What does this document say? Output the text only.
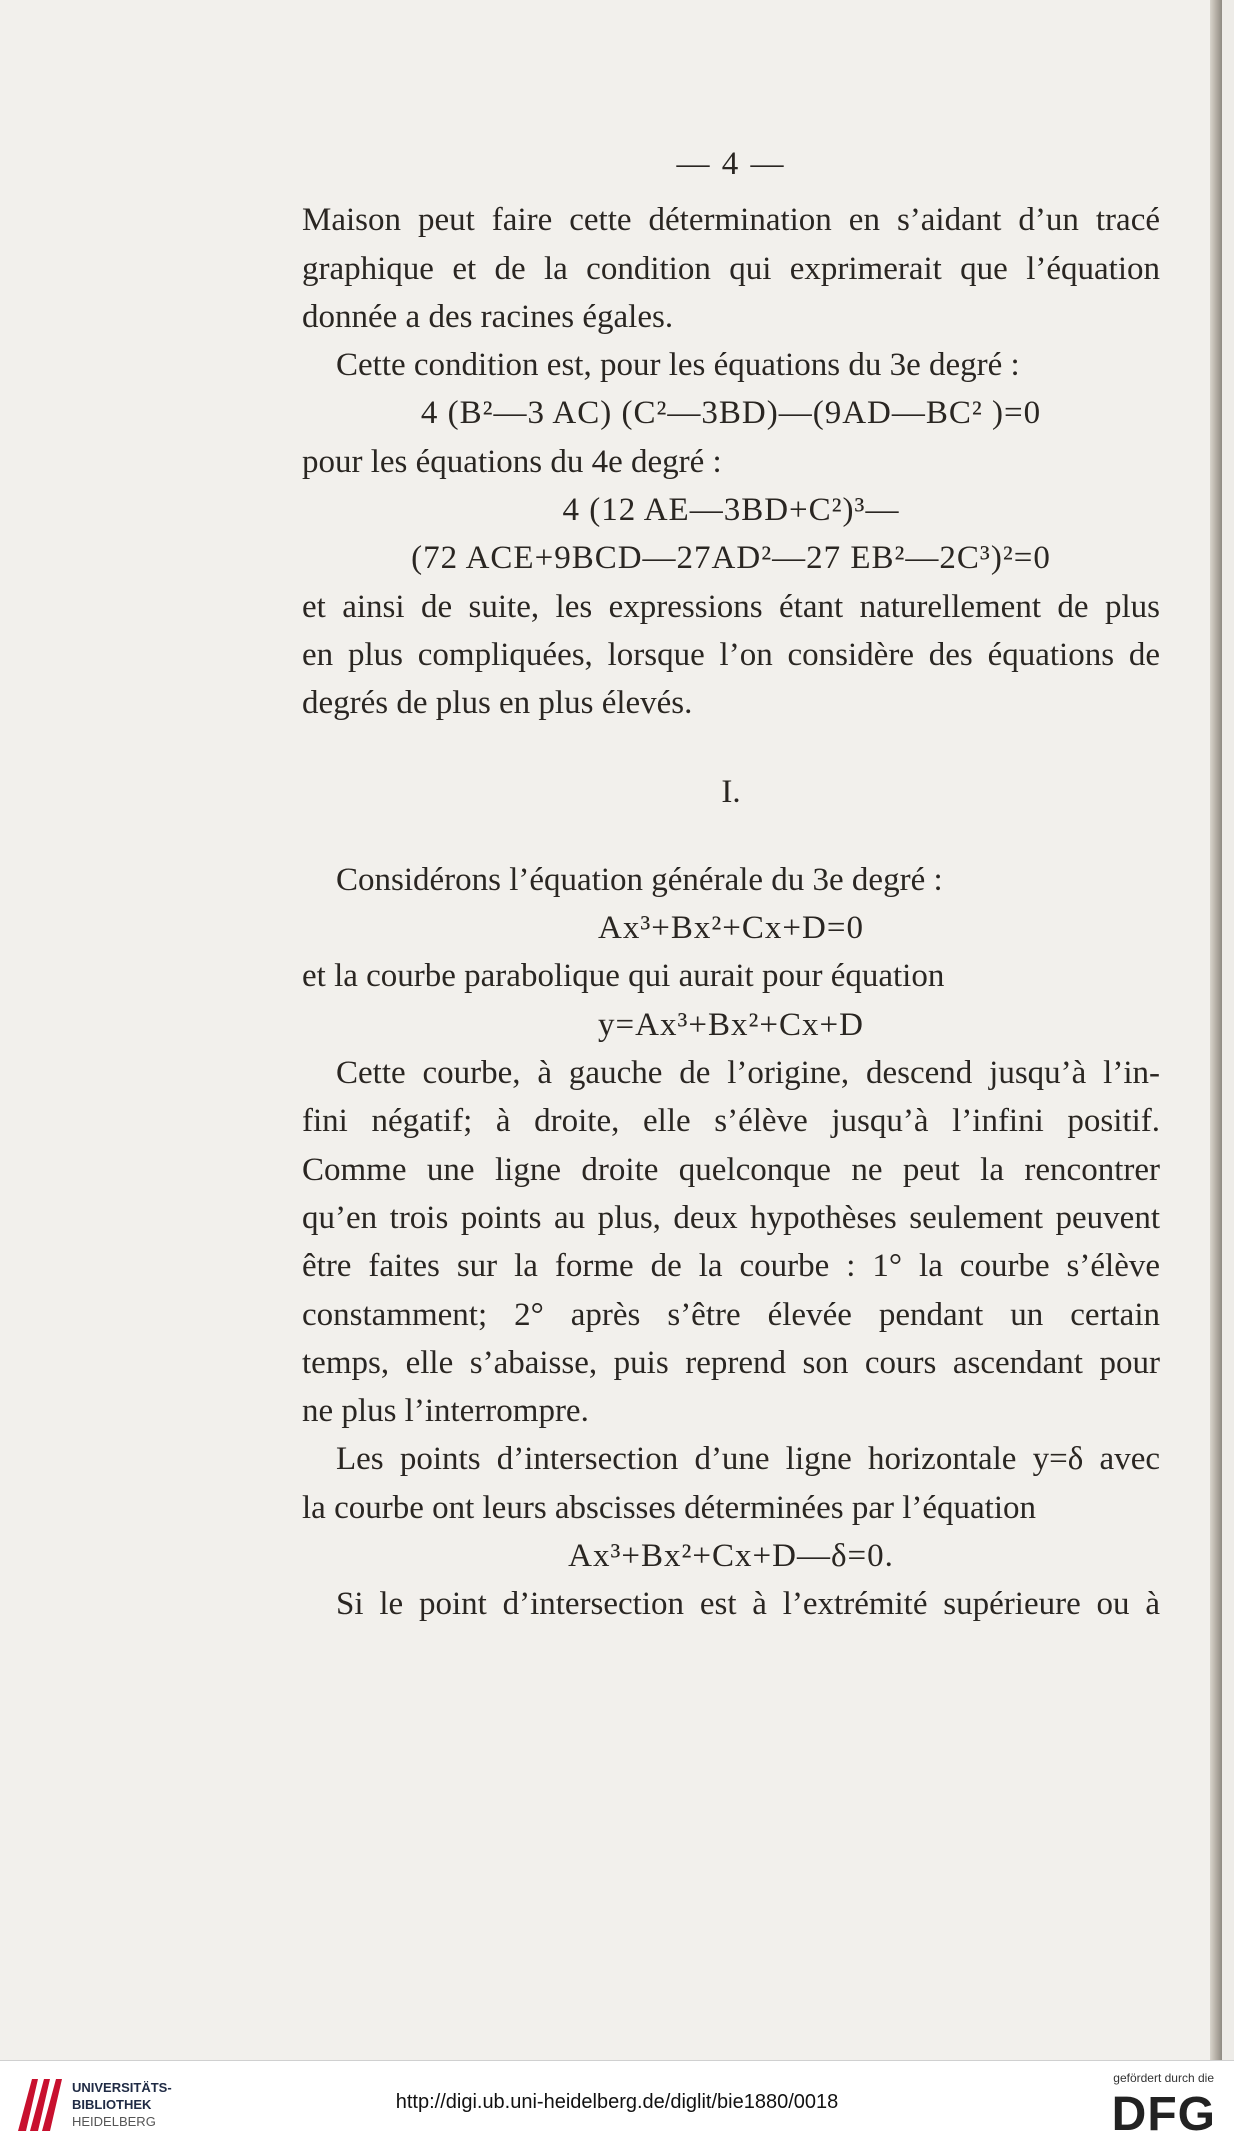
— 4 —
Maison peut faire cette détermination en s’aidant d’un tracé
graphique et de la condition qui exprimerait que l’équation
donnée a des racines égales.
Cette condition est, pour les équations du 3e degré :
4 (B²—3 AC) (C²—3BD)—(9AD—BC² )=0
pour les équations du 4e degré :
4 (12 AE—3BD+C²)³—
(72 ACE+9BCD—27AD²—27 EB²—2C³)²=0
et ainsi de suite, les expressions étant naturellement de plus
en plus compliquées, lorsque l’on considère des équations de
degrés de plus en plus élevés.
I.
Considérons l’équation générale du 3e degré :
Ax³+Bx²+Cx+D=0
et la courbe parabolique qui aurait pour équation
y=Ax³+Bx²+Cx+D
Cette courbe, à gauche de l’origine, descend jusqu’à l’in-
fini négatif; à droite, elle s’élève jusqu’à l’infini positif.
Comme une ligne droite quelconque ne peut la rencontrer
qu’en trois points au plus, deux hypothèses seulement peuvent
être faites sur la forme de la courbe : 1° la courbe s’élève
constamment; 2° après s’être élevée pendant un certain
temps, elle s’abaisse, puis reprend son cours ascendant pour
ne plus l’interrompre.
Les points d’intersection d’une ligne horizontale y=δ avec
la courbe ont leurs abscisses déterminées par l’équation
Ax³+Bx²+Cx+D—δ=0.
Si le point d’intersection est à l’extrémité supérieure ou à
UNIVERSITÄTS-
BIBLIOTHEK
HEIDELBERG
http://digi.ub.uni-heidelberg.de/diglit/bie1880/0018
gefördert durch die
DFG
